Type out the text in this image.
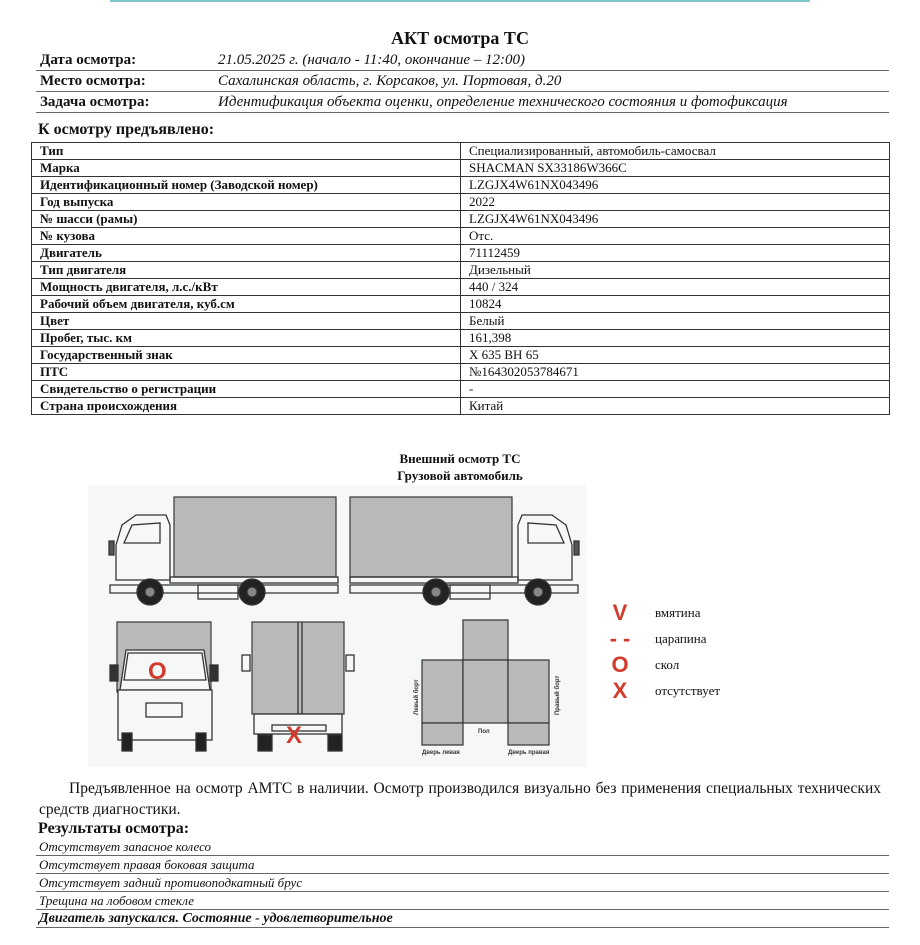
АКТ осмотра ТС
Дата осмотра:	21.05.2025 г. (начало - 11:40, окончание – 12:00)
Место осмотра:	Сахалинская область, г. Корсаков, ул. Портовая, д.20
Задача осмотра:	Идентификация объекта оценки, определение технического состояния и фотофиксация
К осмотру предъявлено:
Тип	Специализированный, автомобиль-самосвал
Марка	SHACMAN SX33186W366C
Идентификационный номер (Заводской номер)	LZGJX4W61NX043496
Год выпуска	2022
№ шасси (рамы)	LZGJX4W61NX043496
№ кузова	Отс.
Двигатель	71112459
Тип двигателя	Дизельный
Мощность двигателя, л.с./кВт	440 / 324
Рабочий объем двигателя, куб.см	10824
Цвет	Белый
Пробег, тыс. км	161,398
Государственный знак	Х 635 ВН 65
ПТС	№164302053784671
Свидетельство о регистрации	-
Страна происхождения	Китай
Внешний осмотр ТС
Грузовой автомобиль
Левый борт	Правый борт
Пол
Дверь левая	Дверь правая
O
X
V	вмятина
- -	царапина
O	скол
X	отсутствует
Предъявленное на осмотр АМТС в наличии. Осмотр производился визуально без применения специальных технических средств диагностики.
Результаты осмотра:
Отсутствует запасное колесо
Отсутствует правая боковая защита
Отсутствует задний противоподкатный брус
Трещина на лобовом стекле
Двигатель запускался. Состояние - удовлетворительное
